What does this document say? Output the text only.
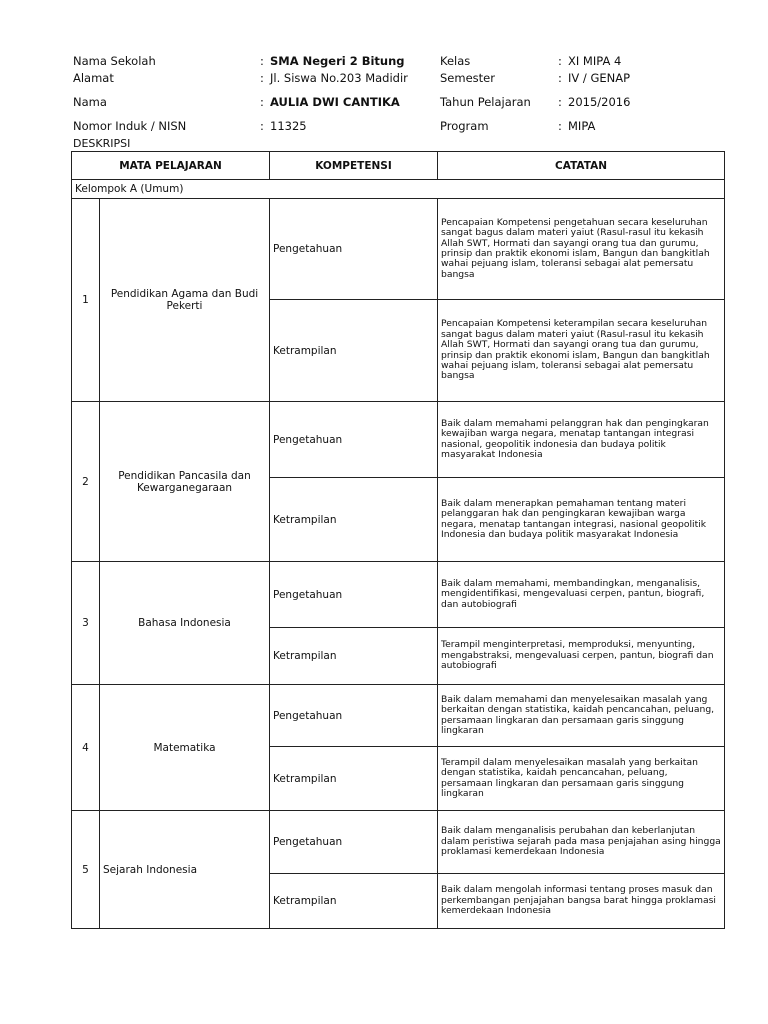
Nama Sekolah	: SMA Negeri 2 Bitung
Alamat	: Jl. Siswa No.203 Madidir
Nama	: AULIA DWI CANTIKA
Nomor Induk / NISN	: 11325
Kelas	: XI MIPA 4
Semester	: IV / GENAP
Tahun Pelajaran : 2015/2016
Program	: MIPA
DESKRIPSI
MATA PELAJARAN		KOMPETENSI	CATATAN
Kelompok A (Umum)			
1	Pendidikan Agama dan Budi Pekerti	Pengetahuan	Pencapaian Kompetensi pengetahuan secara keseluruhan sangat bagus dalam materi yaiut (Rasul-rasul itu kekasih Allah SWT, Hormati dan sayangi orang tua dan gurumu, prinsip dan praktik ekonomi islam, Bangun dan bangkitlah wahai pejuang islam, toleransi sebagai alat pemersatu bangsa
		Ketrampilan	Pencapaian Kompetensi keterampilan secara keseluruhan sangat bagus dalam materi yaiut (Rasul-rasul itu kekasih Allah SWT, Hormati dan sayangi orang tua dan gurumu, prinsip dan praktik ekonomi islam, Bangun dan bangkitlah wahai pejuang islam, toleransi sebagai alat pemersatu bangsa
2	Pendidikan Pancasila dan Kewarganegaraan	Pengetahuan	Baik dalam memahami pelanggran hak dan pengingkaran kewajiban warga negara, menatap tantangan integrasi nasional, geopolitik indonesia dan budaya politik masyarakat Indonesia
		Ketrampilan	Baik dalam menerapkan pemahaman tentang materi pelanggaran hak dan pengingkaran kewajiban warga negara, menatap tantangan integrasi, nasional geopolitik Indonesia dan budaya politik masyarakat Indonesia
3	Bahasa Indonesia	Pengetahuan	Baik dalam memahami, membandingkan, menganalisis, mengidentifikasi, mengevaluasi cerpen, pantun, biografi, dan autobiografi
		Ketrampilan	Terampil menginterpretasi, memproduksi, menyunting, mengabstraksi, mengevaluasi cerpen, pantun, biografi dan autobiografi
4	Matematika	Pengetahuan	Baik dalam memahami dan menyelesaikan masalah yang berkaitan dengan statistika, kaidah pencancahan, peluang, persamaan lingkaran dan persamaan garis singgung lingkaran
		Ketrampilan	Terampil dalam menyelesaikan masalah yang berkaitan dengan statistika, kaidah pencancahan, peluang, persamaan lingkaran dan persamaan garis singgung lingkaran
5	Sejarah Indonesia	Pengetahuan	Baik dalam menganalisis perubahan dan keberlanjutan dalam peristiwa sejarah pada masa penjajahan asing hingga proklamasi kemerdekaan Indonesia
		Ketrampilan	Baik dalam mengolah informasi tentang proses masuk dan perkembangan penjajahan bangsa barat hingga proklamasi kemerdekaan Indonesia
